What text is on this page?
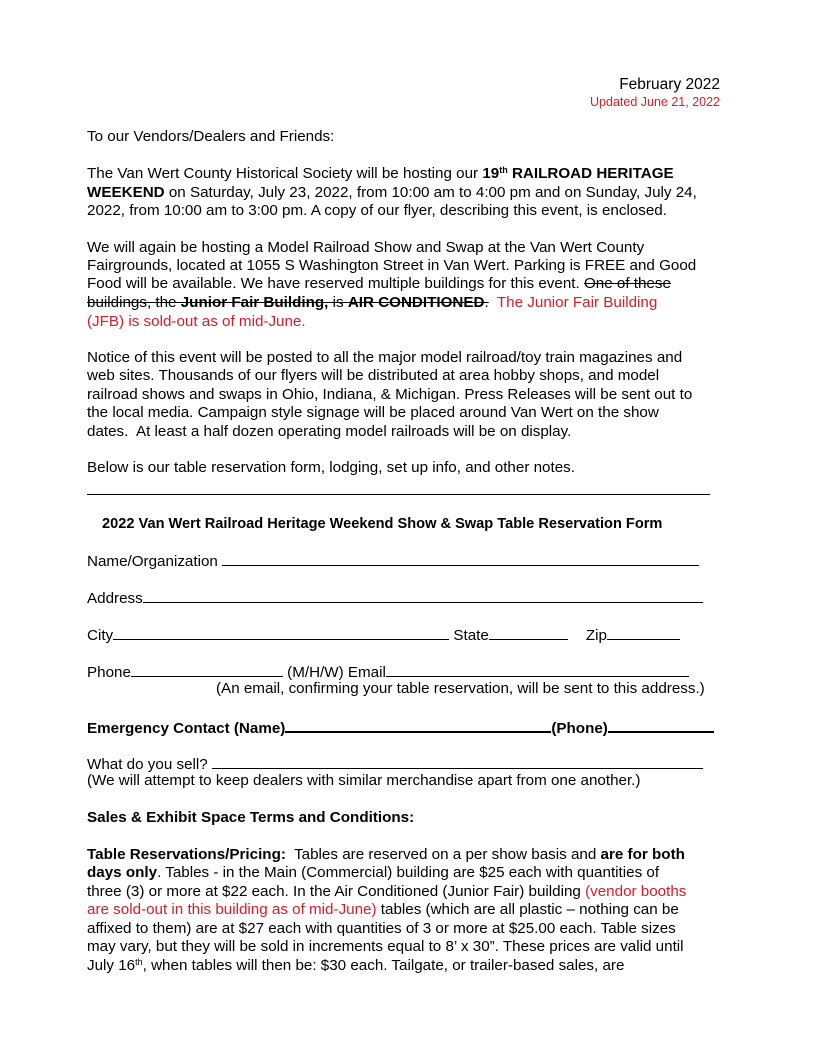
February 2022
Updated June 21, 2022
To our Vendors/Dealers and Friends:
The Van Wert County Historical Society will be hosting our 19th RAILROAD HERITAGE
WEEKEND on Saturday, July 23, 2022, from 10:00 am to 4:00 pm and on Sunday, July 24,
2022, from 10:00 am to 3:00 pm. A copy of our flyer, describing this event, is enclosed.
We will again be hosting a Model Railroad Show and Swap at the Van Wert County
Fairgrounds, located at 1055 S Washington Street in Van Wert. Parking is FREE and Good
Food will be available. We have reserved multiple buildings for this event. One of these
buildings, the Junior Fair Building, is AIR CONDITIONED.  The Junior Fair Building
(JFB) is sold-out as of mid-June.
Notice of this event will be posted to all the major model railroad/toy train magazines and
web sites. Thousands of our flyers will be distributed at area hobby shops, and model
railroad shows and swaps in Ohio, Indiana, & Michigan. Press Releases will be sent out to
the local media. Campaign style signage will be placed around Van Wert on the show
dates.  At least a half dozen operating model railroads will be on display.
Below is our table reservation form, lodging, set up info, and other notes.
2022 Van Wert Railroad Heritage Weekend Show & Swap Table Reservation Form
Name/Organization
Address
City	State	Zip
Phone	(M/H/W) Email
(An email, confirming your table reservation, will be sent to this address.)
Emergency Contact (Name)	(Phone)
What do you sell?
(We will attempt to keep dealers with similar merchandise apart from one another.)
Sales & Exhibit Space Terms and Conditions:
Table Reservations/Pricing:  Tables are reserved on a per show basis and are for both
days only. Tables - in the Main (Commercial) building are $25 each with quantities of
three (3) or more at $22 each. In the Air Conditioned (Junior Fair) building (vendor booths
are sold-out in this building as of mid-June) tables (which are all plastic – nothing can be
affixed to them) are at $27 each with quantities of 3 or more at $25.00 each. Table sizes
may vary, but they will be sold in increments equal to 8’ x 30”. These prices are valid until
July 16th, when tables will then be: $30 each. Tailgate, or trailer-based sales, are
